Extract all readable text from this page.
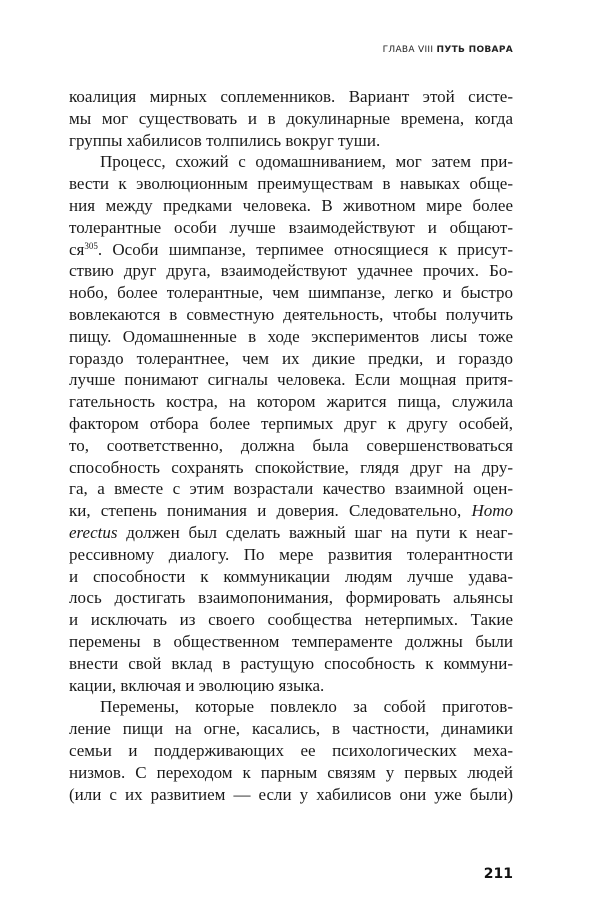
ГЛАВА VIII ПУТЬ ПОВАРА
коалиция мирных соплеменников. Вариант этой систе-
мы мог существовать и в докулинарные времена, когда
группы хабилисов толпились вокруг туши.
Процесс, схожий с одомашниванием, мог затем при-
вести к эволюционным преимуществам в навыках обще-
ния между предками человека. В животном мире более
толерантные особи лучше взаимодействуют и общают-
$ся^{305}$. Особи шимпанзе, терпимее относящиеся к присут-
ствию друг друга, взаимодействуют удачнее прочих. Бо-
нобо, более толерантные, чем шимпанзе, легко и быстро
вовлекаются в совместную деятельность, чтобы получить
пищу. Одомашненные в ходе экспериментов лисы тоже
гораздо толерантнее, чем их дикие предки, и гораздо
лучше понимают сигналы человека. Если мощная притя-
гательность костра, на котором жарится пища, служила
фактором отбора более терпимых друг к другу особей,
то, соответственно, должна была совершенствоваться
способность сохранять спокойствие, глядя друг на дру-
га, а вместе с этим возрастали качество взаимной оцен-
ки, степень понимания и доверия. Следовательно, Homo
erectus должен был сделать важный шаг на пути к неаг-
рессивному диалогу. По мере развития толерантности
и способности к коммуникации людям лучше удава-
лось достигать взаимопонимания, формировать альянсы
и исключать из своего сообщества нетерпимых. Такие
перемены в общественном темпераменте должны были
внести свой вклад в растущую способность к коммуни-
кации, включая и эволюцию языка.
Перемены, которые повлекло за собой приготов-
ление пищи на огне, касались, в частности, динамики
семьи и поддерживающих ее психологических меха-
низмов. С переходом к парным связям у первых людей
(или с их развитием — если у хабилисов они уже были)
211
